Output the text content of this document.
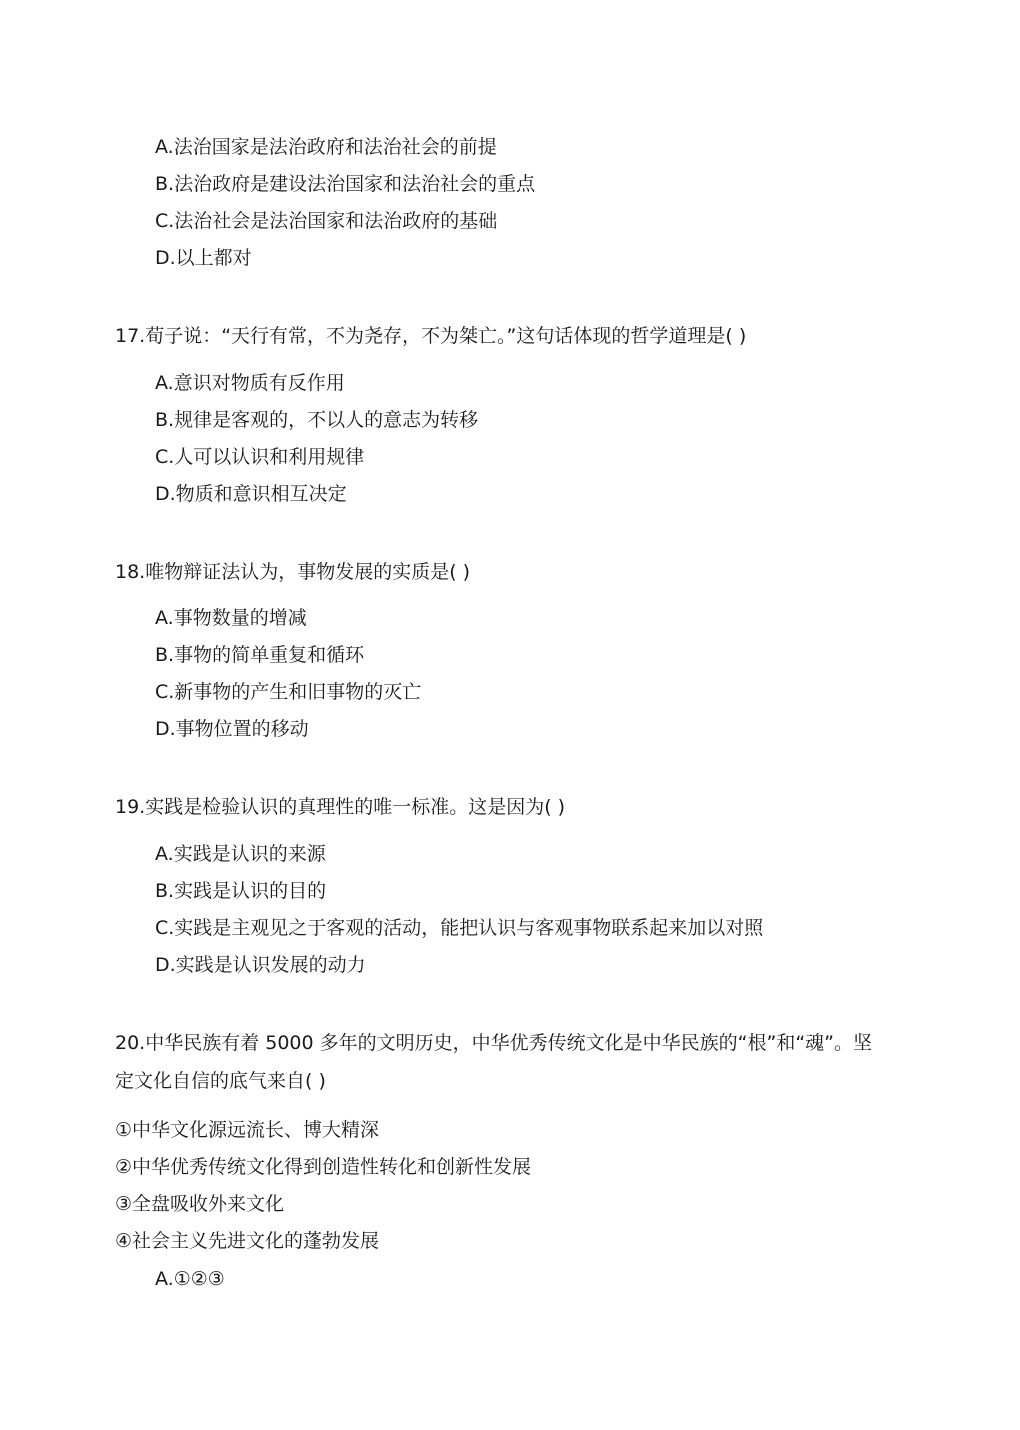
A.法治国家是法治政府和法治社会的前提
B.法治政府是建设法治国家和法治社会的重点
C.法治社会是法治国家和法治政府的基础
D.以上都对
17.荀子说：“天行有常，不为尧存，不为桀亡。”这句话体现的哲学道理是( )
A.意识对物质有反作用
B.规律是客观的，不以人的意志为转移
C.人可以认识和利用规律
D.物质和意识相互决定
18.唯物辩证法认为，事物发展的实质是( )
A.事物数量的增减
B.事物的简单重复和循环
C.新事物的产生和旧事物的灭亡
D.事物位置的移动
19.实践是检验认识的真理性的唯一标准。这是因为( )
A.实践是认识的来源
B.实践是认识的目的
C.实践是主观见之于客观的活动，能把认识与客观事物联系起来加以对照
D.实践是认识发展的动力
20.中华民族有着 5000 多年的文明历史，中华优秀传统文化是中华民族的“根”和“魂”。坚
定文化自信的底气来自( )
①中华文化源远流长、博大精深
②中华优秀传统文化得到创造性转化和创新性发展
③全盘吸收外来文化
④社会主义先进文化的蓬勃发展
A.①②③
